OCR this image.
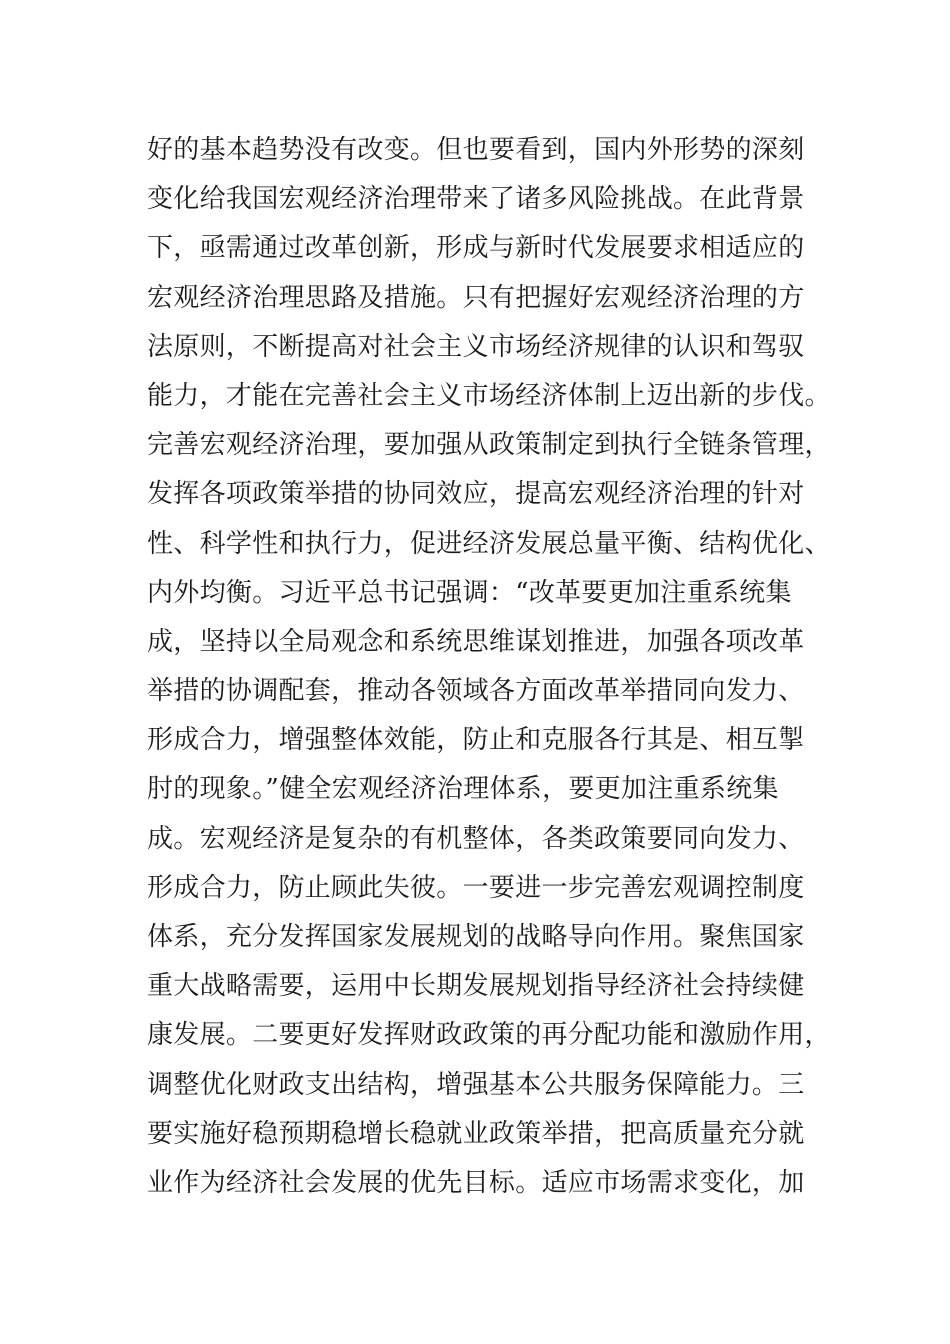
好的基本趋势没有改变。但也要看到，国内外形势的深刻
变化给我国宏观经济治理带来了诸多风险挑战。在此背景
下，亟需通过改革创新，形成与新时代发展要求相适应的
宏观经济治理思路及措施。只有把握好宏观经济治理的方
法原则，不断提高对社会主义市场经济规律的认识和驾驭
能力，才能在完善社会主义市场经济体制上迈出新的步伐。
完善宏观经济治理，要加强从政策制定到执行全链条管理，
发挥各项政策举措的协同效应，提高宏观经济治理的针对
性、科学性和执行力，促进经济发展总量平衡、结构优化、
内外均衡。习近平总书记强调：“改革要更加注重系统集
成，坚持以全局观念和系统思维谋划推进，加强各项改革
举措的协调配套，推动各领域各方面改革举措同向发力、
形成合力，增强整体效能，防止和克服各行其是、相互掣
肘的现象。”健全宏观经济治理体系，要更加注重系统集
成。宏观经济是复杂的有机整体，各类政策要同向发力、
形成合力，防止顾此失彼。一要进一步完善宏观调控制度
体系，充分发挥国家发展规划的战略导向作用。聚焦国家
重大战略需要，运用中长期发展规划指导经济社会持续健
康发展。二要更好发挥财政政策的再分配功能和激励作用，
调整优化财政支出结构，增强基本公共服务保障能力。三
要实施好稳预期稳增长稳就业政策举措，把高质量充分就
业作为经济社会发展的优先目标。适应市场需求变化，加
